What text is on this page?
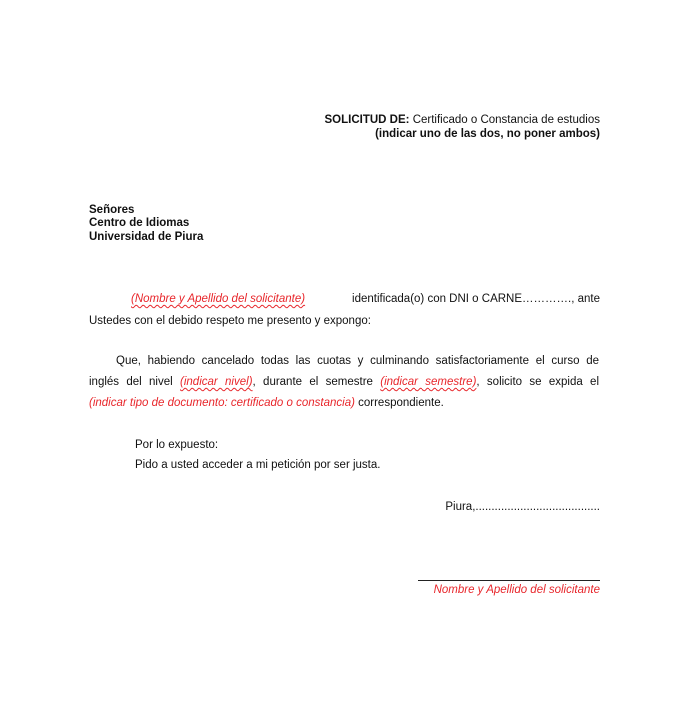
SOLICITUD DE: Certificado o Constancia de estudios
(indicar uno de las dos, no poner ambos)
Señores
Centro de Idiomas
Universidad de Piura
(Nombre y Apellido del solicitante)	identificada(o) con DNI o CARNE…………., ante
Ustedes con el debido respeto me presento y expongo:
Que, habiendo cancelado todas las cuotas y culminando satisfactoriamente el curso de
inglés del nivel (indicar nivel), durante el semestre (indicar semestre), solicito se expida el
(indicar tipo de documento: certificado o constancia) correspondiente.
Por lo expuesto:
Pido a usted acceder a mi petición por ser justa.
Piura,.......................................
Nombre y Apellido del solicitante
